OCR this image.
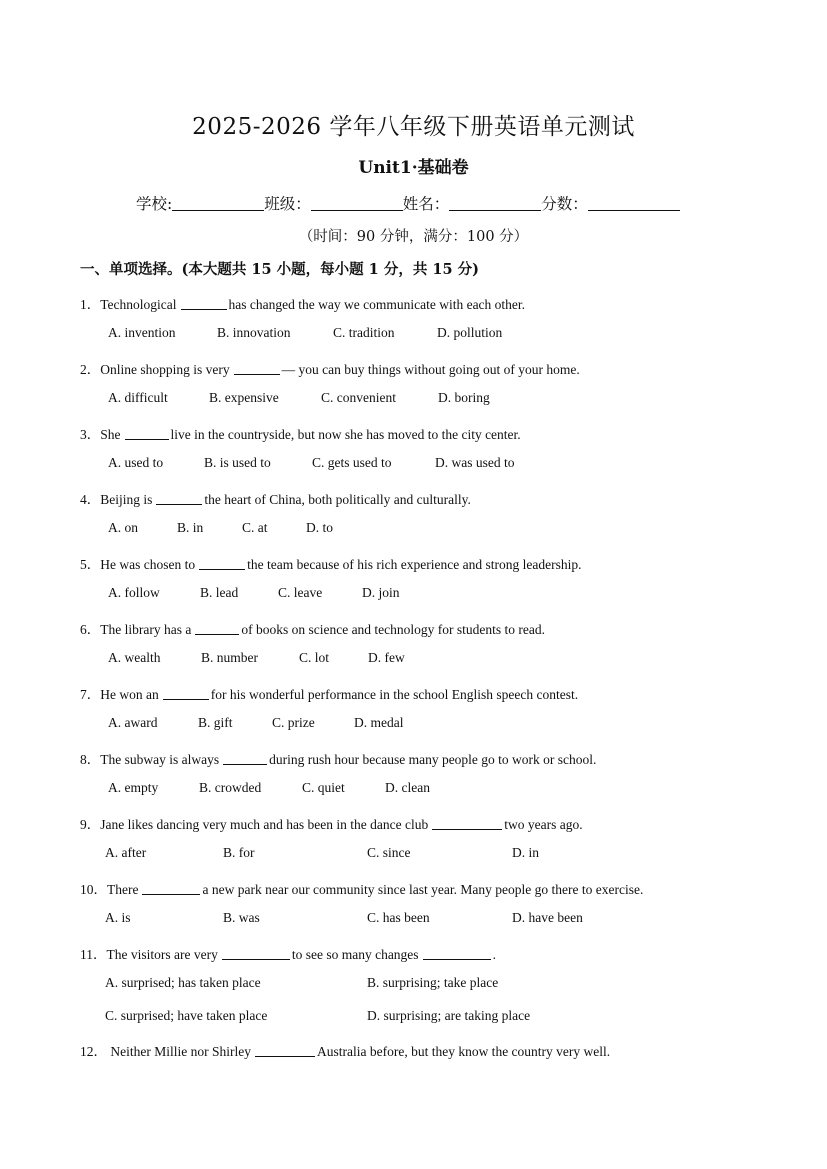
2025-2026 学年八年级下册英语单元测试
Unit1·基础卷
学校:	班级：	姓名：	分数：
（时间：90 分钟，满分：100 分）
一、单项选择。(本大题共 15 小题，每小题 1 分，共 15 分)
1．Technological	has changed the way we communicate with each other.
A. invention	B. innovation	C. tradition	D. pollution
2．Online shopping is very	— you can buy things without going out of your home.
A. difficult	B. expensive	C. convenient	D. boring
3．She	live in the countryside, but now she has moved to the city center.
A. used to	B. is used to	C. gets used to	D. was used to
4．Beijing is	the heart of China, both politically and culturally.
A. on	B. in	C. at	D. to
5．He was chosen to	the team because of his rich experience and strong leadership.
A. follow	B. lead	C. leave	D. join
6．The library has a	of books on science and technology for students to read.
A. wealth	B. number	C. lot	D. few
7．He won an	for his wonderful performance in the school English speech contest.
A. award	B. gift	C. prize	D. medal
8．The subway is always	during rush hour because many people go to work or school.
A. empty	B. crowded	C. quiet	D. clean
9．Jane likes dancing very much and has been in the dance club	two years ago.
A. after	B. for	C. since	D. in
10．There	a new park near our community since last year. Many people go there to exercise.
A. is	B. was	C. has been	D. have been
11．The visitors are very	to see so many changes	.
A. surprised; has taken place	B. surprising; take place
C. surprised; have taken place	D. surprising; are taking place
12． Neither Millie nor Shirley	Australia before, but they know the country very well.
